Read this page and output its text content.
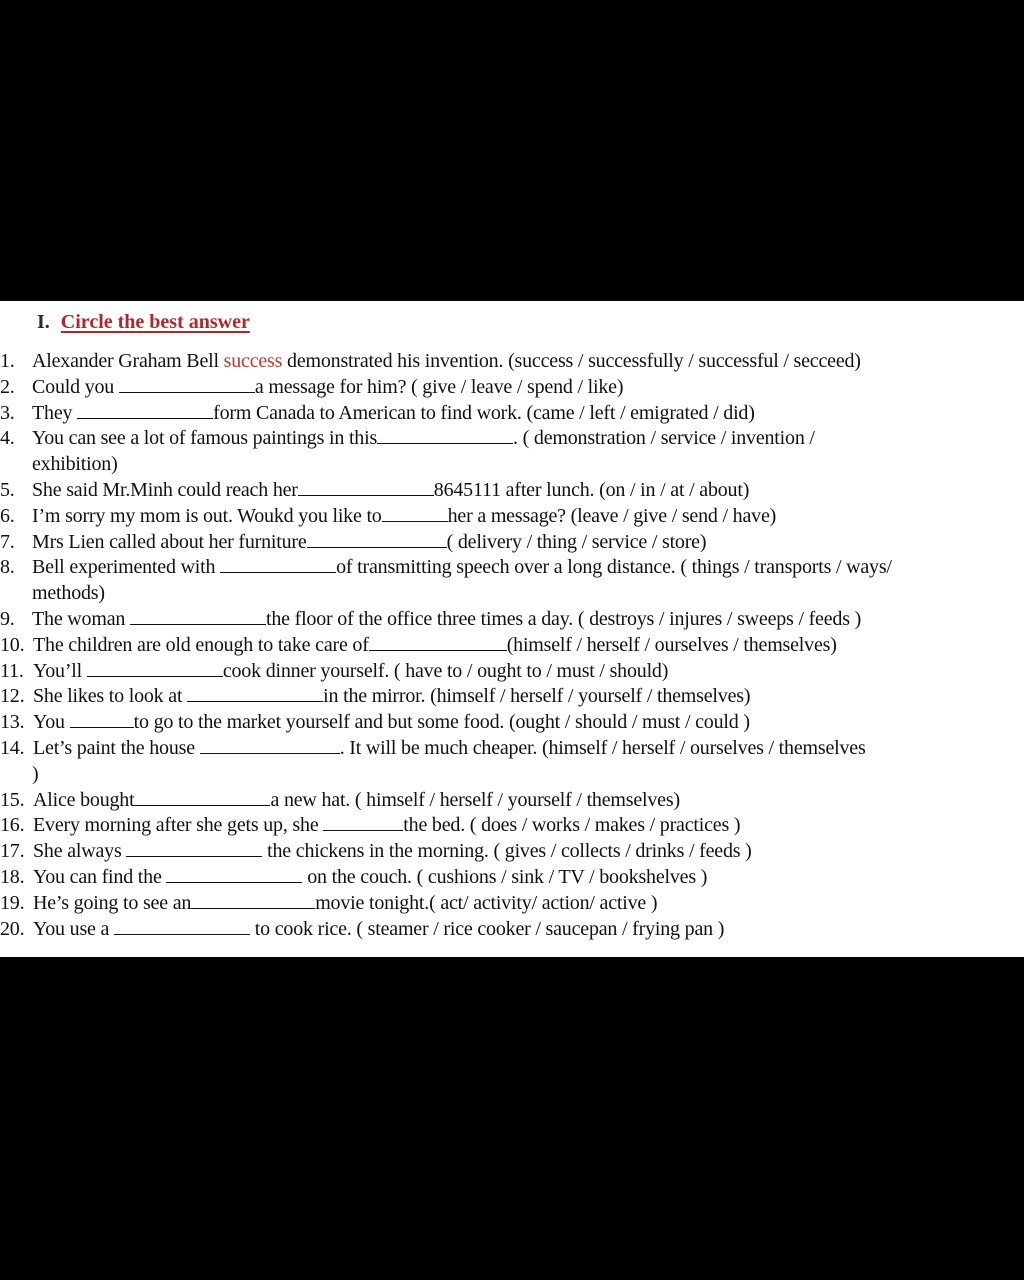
I. Circle the best answer
1. Alexander Graham Bell success demonstrated his invention. (success / successfully / successful / secceed)
2. Could you	a message for him? ( give / leave / spend / like)
3. They	form Canada to American to find work. (came / left / emigrated / did)
4. You can see a lot of famous paintings in this	. ( demonstration / service / invention /
exhibition)
5. She said Mr.Minh could reach her	8645111 after lunch. (on / in / at / about)
6. I’m sorry my mom is out. Woukd you like to	her a message? (leave / give / send / have)
7. Mrs Lien called about her furniture	( delivery / thing / service / store)
8. Bell experimented with	of transmitting speech over a long distance. ( things / transports / ways/
methods)
9. The woman	the floor of the office three times a day. ( destroys / injures / sweeps / feeds )
10. The children are old enough to take care of	(himself / herself / ourselves / themselves)
11. You’ll	cook dinner yourself. ( have to / ought to / must / should)
12. She likes to look at	in the mirror. (himself / herself / yourself / themselves)
13. You	to go to the market yourself and but some food. (ought / should / must / could )
14. Let’s paint the house	. It will be much cheaper. (himself / herself / ourselves / themselves
)
15. Alice bought	a new hat. ( himself / herself / yourself / themselves)
16. Every morning after she gets up, she	the bed. ( does / works / makes / practices )
17. She always	the chickens in the morning. ( gives / collects / drinks / feeds )
18. You can find the	on the couch. ( cushions / sink / TV / bookshelves )
19. He’s going to see an	movie tonight.( act/ activity/ action/ active )
20. You use a	to cook rice. ( steamer / rice cooker / saucepan / frying pan )
